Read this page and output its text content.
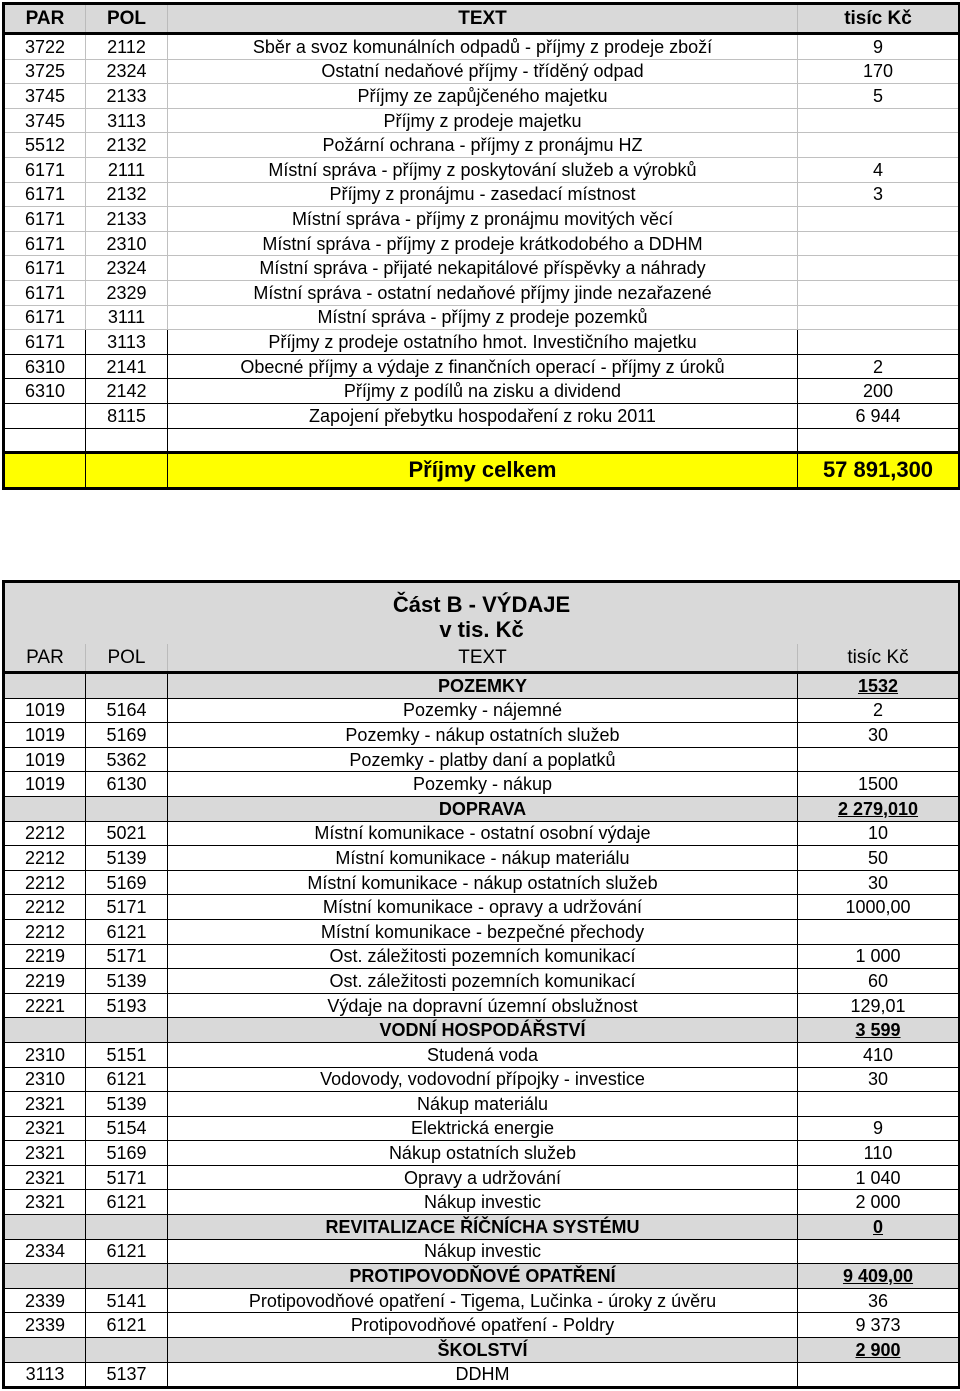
PAR	POL	TEXT	tisíc Kč
3722	2112	Sběr a svoz komunálních odpadů - příjmy z prodeje zboží	9
3725	2324	Ostatní nedaňové příjmy - tříděný odpad	170
3745	2133	Příjmy ze zapůjčeného majetku	5
3745	3113	Příjmy z prodeje majetku	
5512	2132	Požární ochrana - příjmy z pronájmu HZ	
6171	2111	Místní správa - příjmy z poskytování služeb a výrobků	4
6171	2132	Příjmy z pronájmu - zasedací místnost	3
6171	2133	Místní správa - příjmy z pronájmu movitých věcí	
6171	2310	Místní správa - příjmy z prodeje krátkodobého a DDHM	
6171	2324	Místní správa - přijaté nekapitálové příspěvky a náhrady	
6171	2329	Místní správa - ostatní nedaňové příjmy jinde nezařazené	
6171	3111	Místní správa - příjmy z prodeje pozemků	
6171	3113	Příjmy z prodeje ostatního hmot. Investičního majetku	
6310	2141	Obecné příjmy a výdaje z finančních operací - příjmy z úroků	2
6310	2142	Příjmy z podílů na zisku a dividend	200
	8115	Zapojení přebytku hospodaření z roku 2011	6 944

		Příjmy celkem	57 891,300
Část B - VÝDAJE			
v tis. Kč			
PAR	POL	TEXT	tisíc Kč
		POZEMKY	1532
1019	5164	Pozemky - nájemné	2
1019	5169	Pozemky - nákup ostatních služeb	30
1019	5362	Pozemky - platby daní a poplatků	
1019	6130	Pozemky - nákup	1500
		DOPRAVA	2 279,010
2212	5021	Místní komunikace - ostatní osobní výdaje	10
2212	5139	Místní komunikace - nákup materiálu	50
2212	5169	Místní komunikace - nákup ostatních služeb	30
2212	5171	Místní komunikace - opravy a udržování	1000,00
2212	6121	Místní komunikace - bezpečné přechody	
2219	5171	Ost. záležitosti pozemních komunikací	1 000
2219	5139	Ost. záležitosti pozemních komunikací	60
2221	5193	Výdaje na dopravní územní obslužnost	129,01
		VODNÍ HOSPODÁŘSTVÍ	3 599
2310	5151	Studená voda	410
2310	6121	Vodovody, vodovodní přípojky - investice	30
2321	5139	Nákup materiálu	
2321	5154	Elektrická energie	9
2321	5169	Nákup ostatních služeb	110
2321	5171	Opravy a udržování	1 040
2321	6121	Nákup investic	2 000
		REVITALIZACE ŘÍČNÍCHA SYSTÉMU	0
2334	6121	Nákup investic	
		PROTIPOVODŇOVÉ OPATŘENÍ	9 409,00
2339	5141	Protipovodňové opatření - Tigema, Lučinka - úroky z úvěru	36
2339	6121	Protipovodňové opatření - Poldry	9 373
		ŠKOLSTVÍ	2 900
3113	5137	DDHM	
